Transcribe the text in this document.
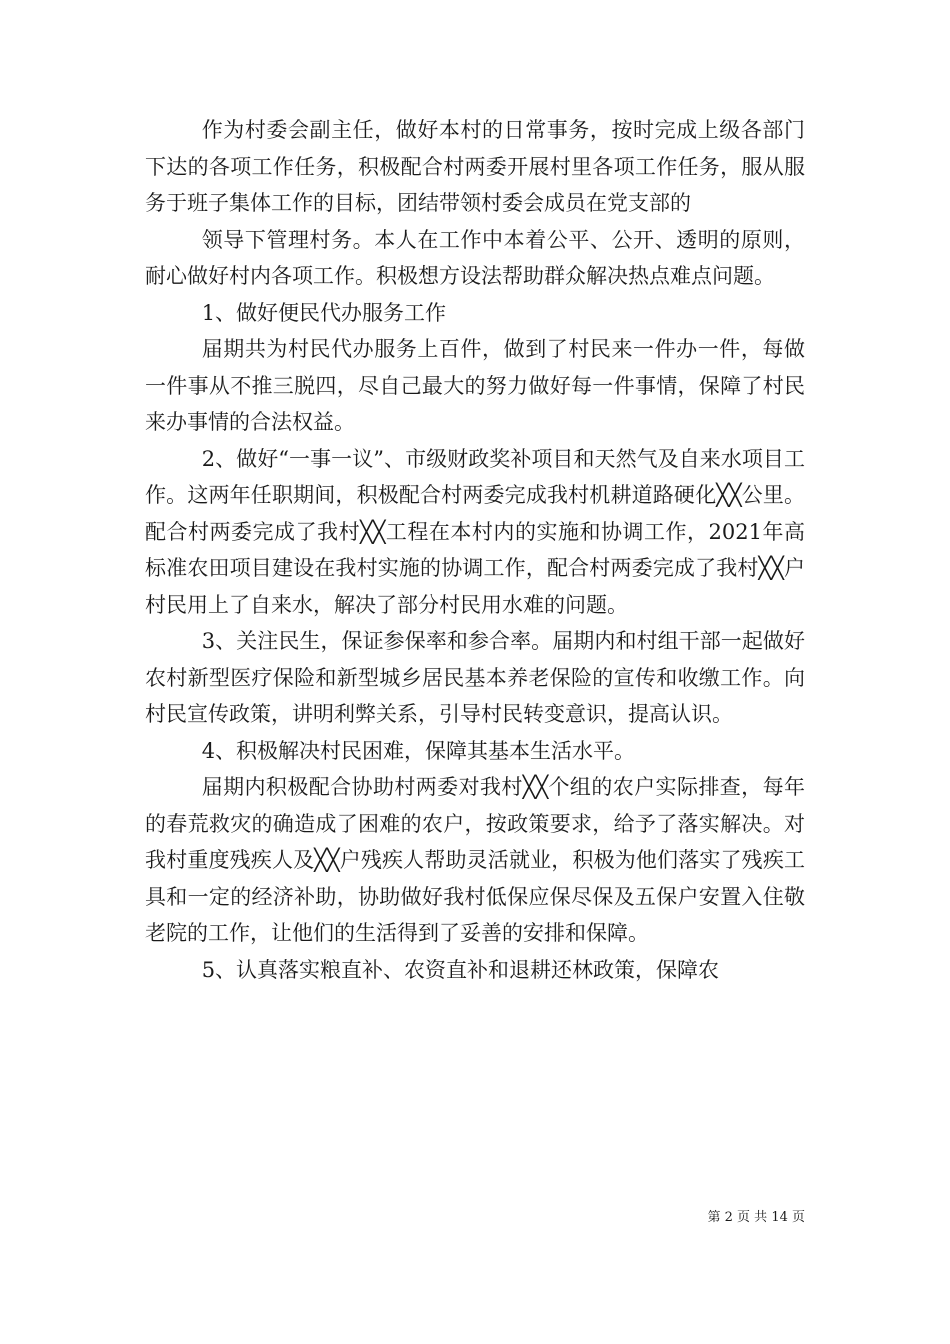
作为村委会副主任，做好本村的日常事务，按时完成上级各部门下达的各项工作任务，积极配合村两委开展村里各项工作任务，服从服务于班子集体工作的目标，团结带领村委会成员在党支部的

领导下管理村务。本人在工作中本着公平、公开、透明的原则，耐心做好村内各项工作。积极想方设法帮助群众解决热点难点问题。

1、做好便民代办服务工作

届期共为村民代办服务上百件，做到了村民来一件办一件，每做一件事从不推三脱四，尽自己最大的努力做好每一件事情，保障了村民来办事情的合法权益。

2、做好“一事一议”、市级财政奖补项目和天然气及自来水项目工作。这两年任职期间，积极配合村两委完成我村机耕道路硬化╳╳公里。配合村两委完成了我村╳╳工程在本村内的实施和协调工作，2021年高标准农田项目建设在我村实施的协调工作，配合村两委完成了我村╳╳户村民用上了自来水，解决了部分村民用水难的问题。

3、关注民生，保证参保率和参合率。届期内和村组干部一起做好农村新型医疗保险和新型城乡居民基本养老保险的宣传和收缴工作。向村民宣传政策，讲明利弊关系，引导村民转变意识，提高认识。

4、积极解决村民困难，保障其基本生活水平。

届期内积极配合协助村两委对我村╳╳个组的农户实际排查，每年的春荒救灾的确造成了困难的农户，按政策要求，给予了落实解决。对我村重度残疾人及╳╳户残疾人帮助灵活就业，积极为他们落实了残疾工具和一定的经济补助，协助做好我村低保应保尽保及五保户安置入住敬老院的工作，让他们的生活得到了妥善的安排和保障。

5、认真落实粮直补、农资直补和退耕还林政策，保障农

第 2 页 共 14 页
